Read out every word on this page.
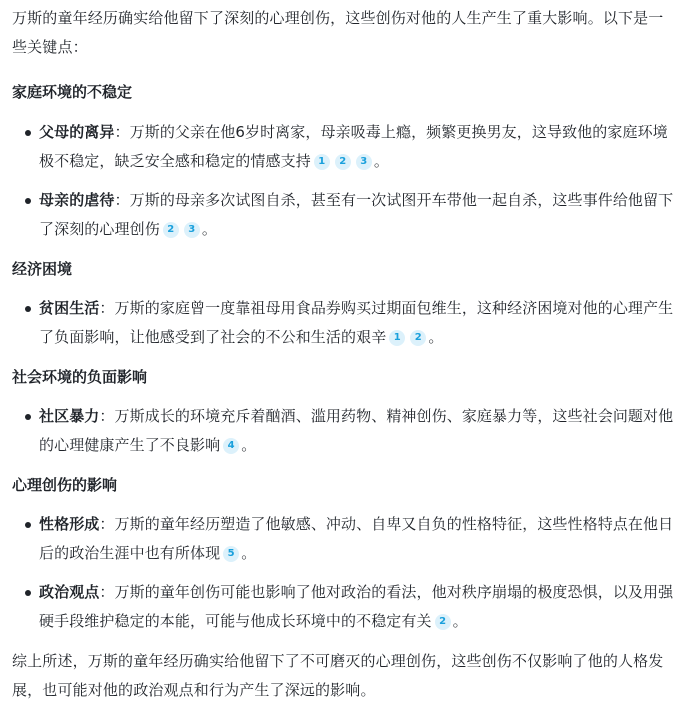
万斯的童年经历确实给他留下了深刻的心理创伤，这些创伤对他的人生产生了重大影响。以下是一些关键点：

家庭环境的不稳定

父母的离异：万斯的父亲在他6岁时离家，母亲吸毒上瘾，频繁更换男友，这导致他的家庭环境极不稳定，缺乏安全感和稳定的情感支持 1 2 3 。

母亲的虐待：万斯的母亲多次试图自杀，甚至有一次试图开车带他一起自杀，这些事件给他留下了深刻的心理创伤 2 3 。

经济困境

贫困生活：万斯的家庭曾一度靠祖母用食品券购买过期面包维生，这种经济困境对他的心理产生了负面影响，让他感受到了社会的不公和生活的艰辛 1 2 。

社会环境的负面影响

社区暴力：万斯成长的环境充斥着酗酒、滥用药物、精神创伤、家庭暴力等，这些社会问题对他的心理健康产生了不良影响 4 。

心理创伤的影响

性格形成：万斯的童年经历塑造了他敏感、冲动、自卑又自负的性格特征，这些性格特点在他日后的政治生涯中也有所体现 5 。

政治观点：万斯的童年创伤可能也影响了他对政治的看法，他对秩序崩塌的极度恐惧，以及用强硬手段维护稳定的本能，可能与他成长环境中的不稳定有关 2 。

综上所述，万斯的童年经历确实给他留下了不可磨灭的心理创伤，这些创伤不仅影响了他的人格发展，也可能对他的政治观点和行为产生了深远的影响。
